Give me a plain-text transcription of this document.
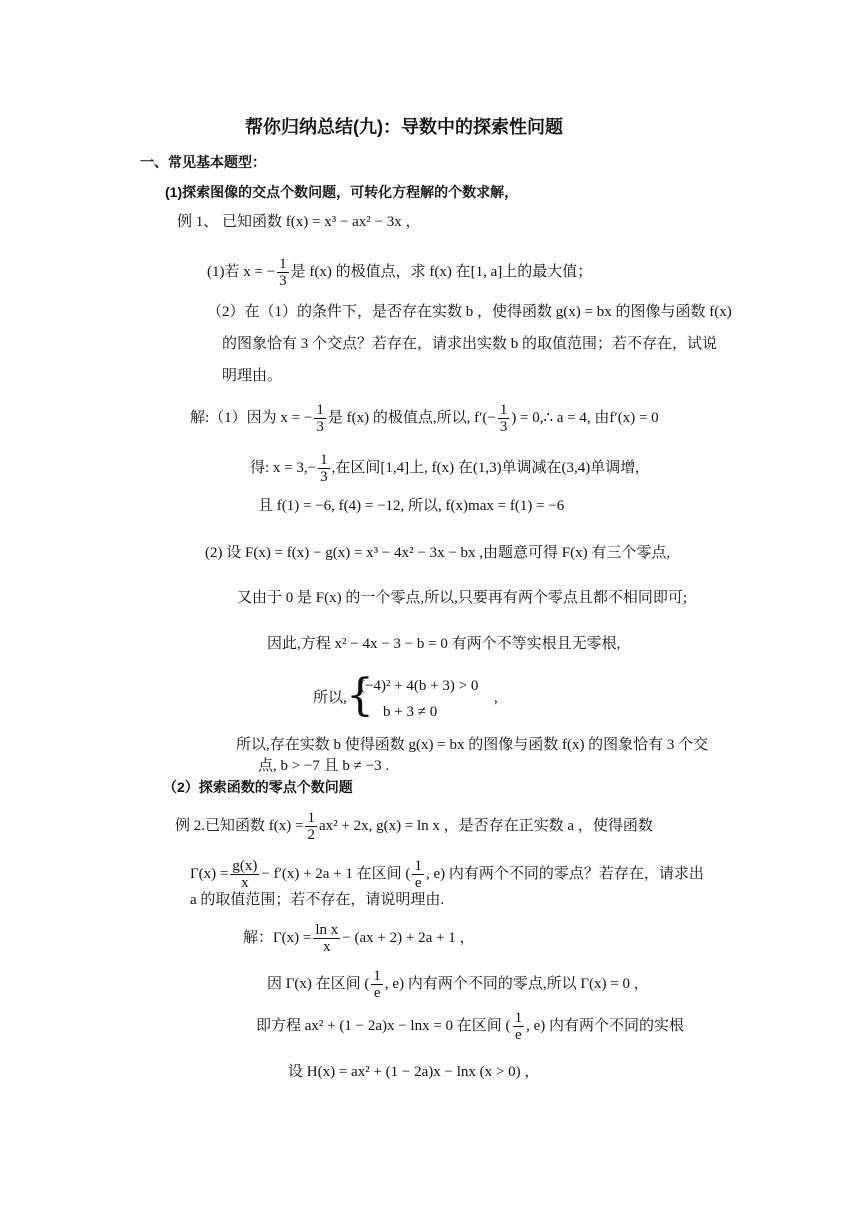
帮你归纳总结(九)：导数中的探索性问题
一、常见基本题型：
(1)探索图像的交点个数问题，可转化方程解的个数求解，
例 1、 已知函数 f(x) = x³ − ax² − 3x ，
(1)若 x = − $\frac{1}{3}$ 是 f(x) 的极值点，求 f(x) 在[1, a]上的最大值；
（2）在（1）的条件下，是否存在实数 b ，使得函数 g(x) = bx 的图像与函数 f(x)
的图象恰有 3 个交点？若存在，请求出实数 b 的取值范围；若不存在，试说
明理由。
解:（1）因为 x = − $\frac{1}{3}$ 是 f(x) 的极值点,所以, $f'(- \frac{1}{3}$ ) = 0,∴ a = 4, 由f′(x) = 0
得: $x = 3,- \frac{1}{3}$ ,在区间[1,4]上, f(x) 在(1,3)单调减在(3,4)单调增,
且 f(1) = −6, f(4) = −12, 所以, f(x)max = f(1) = −6
(2) 设 F(x) = f(x) − g(x) = x³ − 4x² − 3x − bx ,由题意可得 F(x) 有三个零点,
又由于 0 是 F(x) 的一个零点,所以,只要再有两个零点且都不相同即可;
因此,方程 x² − 4x − 3 − b = 0 有两个不等实根且无零根,
所以, {
(−4)² + 4(b + 3) > 0
b + 3 ≠ 0
,
所以,存在实数 b 使得函数 g(x) = bx 的图像与函数 f(x) 的图象恰有 3 个交
点, b > −7 且 b ≠ −3 .
（2）探索函数的零点个数问题
例 2.已知函数 $f(x) = \frac{1}{2} ax^2 + 2x$, g(x) = ln x ，是否存在正实数 a ，使得函数
$\Gamma(x) = \frac{g(x)}{x} - f'(x) + 2a + 1$ 在区间 ( $\frac{1}{e}$ , e) 内有两个不同的零点？若存在，请求出
a 的取值范围；若不存在，请说明理由.
解：$\Gamma(x) = \frac{\text{ln x}}{x} - (ax + 2) + 2a + 1$ ，
因 Γ(x) 在区间 ( $\frac{1}{e}$ , e) 内有两个不同的零点,所以 Γ(x) = 0 ，
即方程 ax² + (1 − 2a)x − lnx = 0 在区间 ( $\frac{1}{e}$ , e) 内有两个不同的实根
设 H(x) = ax² + (1 − 2a)x − lnx (x > 0) ，
